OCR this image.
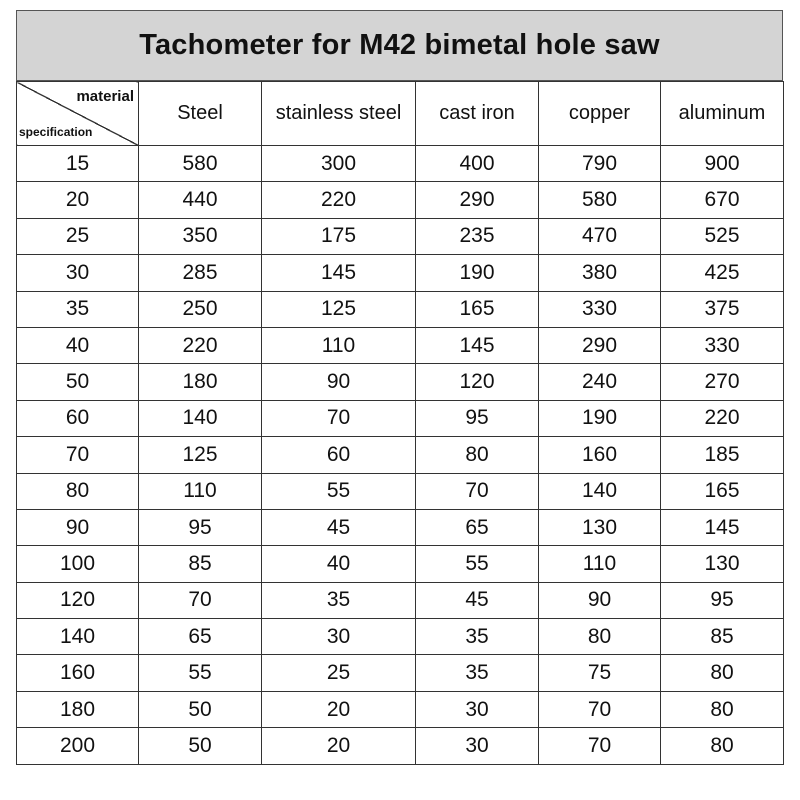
Tachometer for M42 bimetal hole saw
material
specification	Steel	stainless steel	cast iron	copper	aluminum
15	580	300	400	790	900
20	440	220	290	580	670
25	350	175	235	470	525
30	285	145	190	380	425
35	250	125	165	330	375
40	220	110	145	290	330
50	180	90	120	240	270
60	140	70	95	190	220
70	125	60	80	160	185
80	110	55	70	140	165
90	95	45	65	130	145
100	85	40	55	110	130
120	70	35	45	90	95
140	65	30	35	80	85
160	55	25	35	75	80
180	50	20	30	70	80
200	50	20	30	70	80
